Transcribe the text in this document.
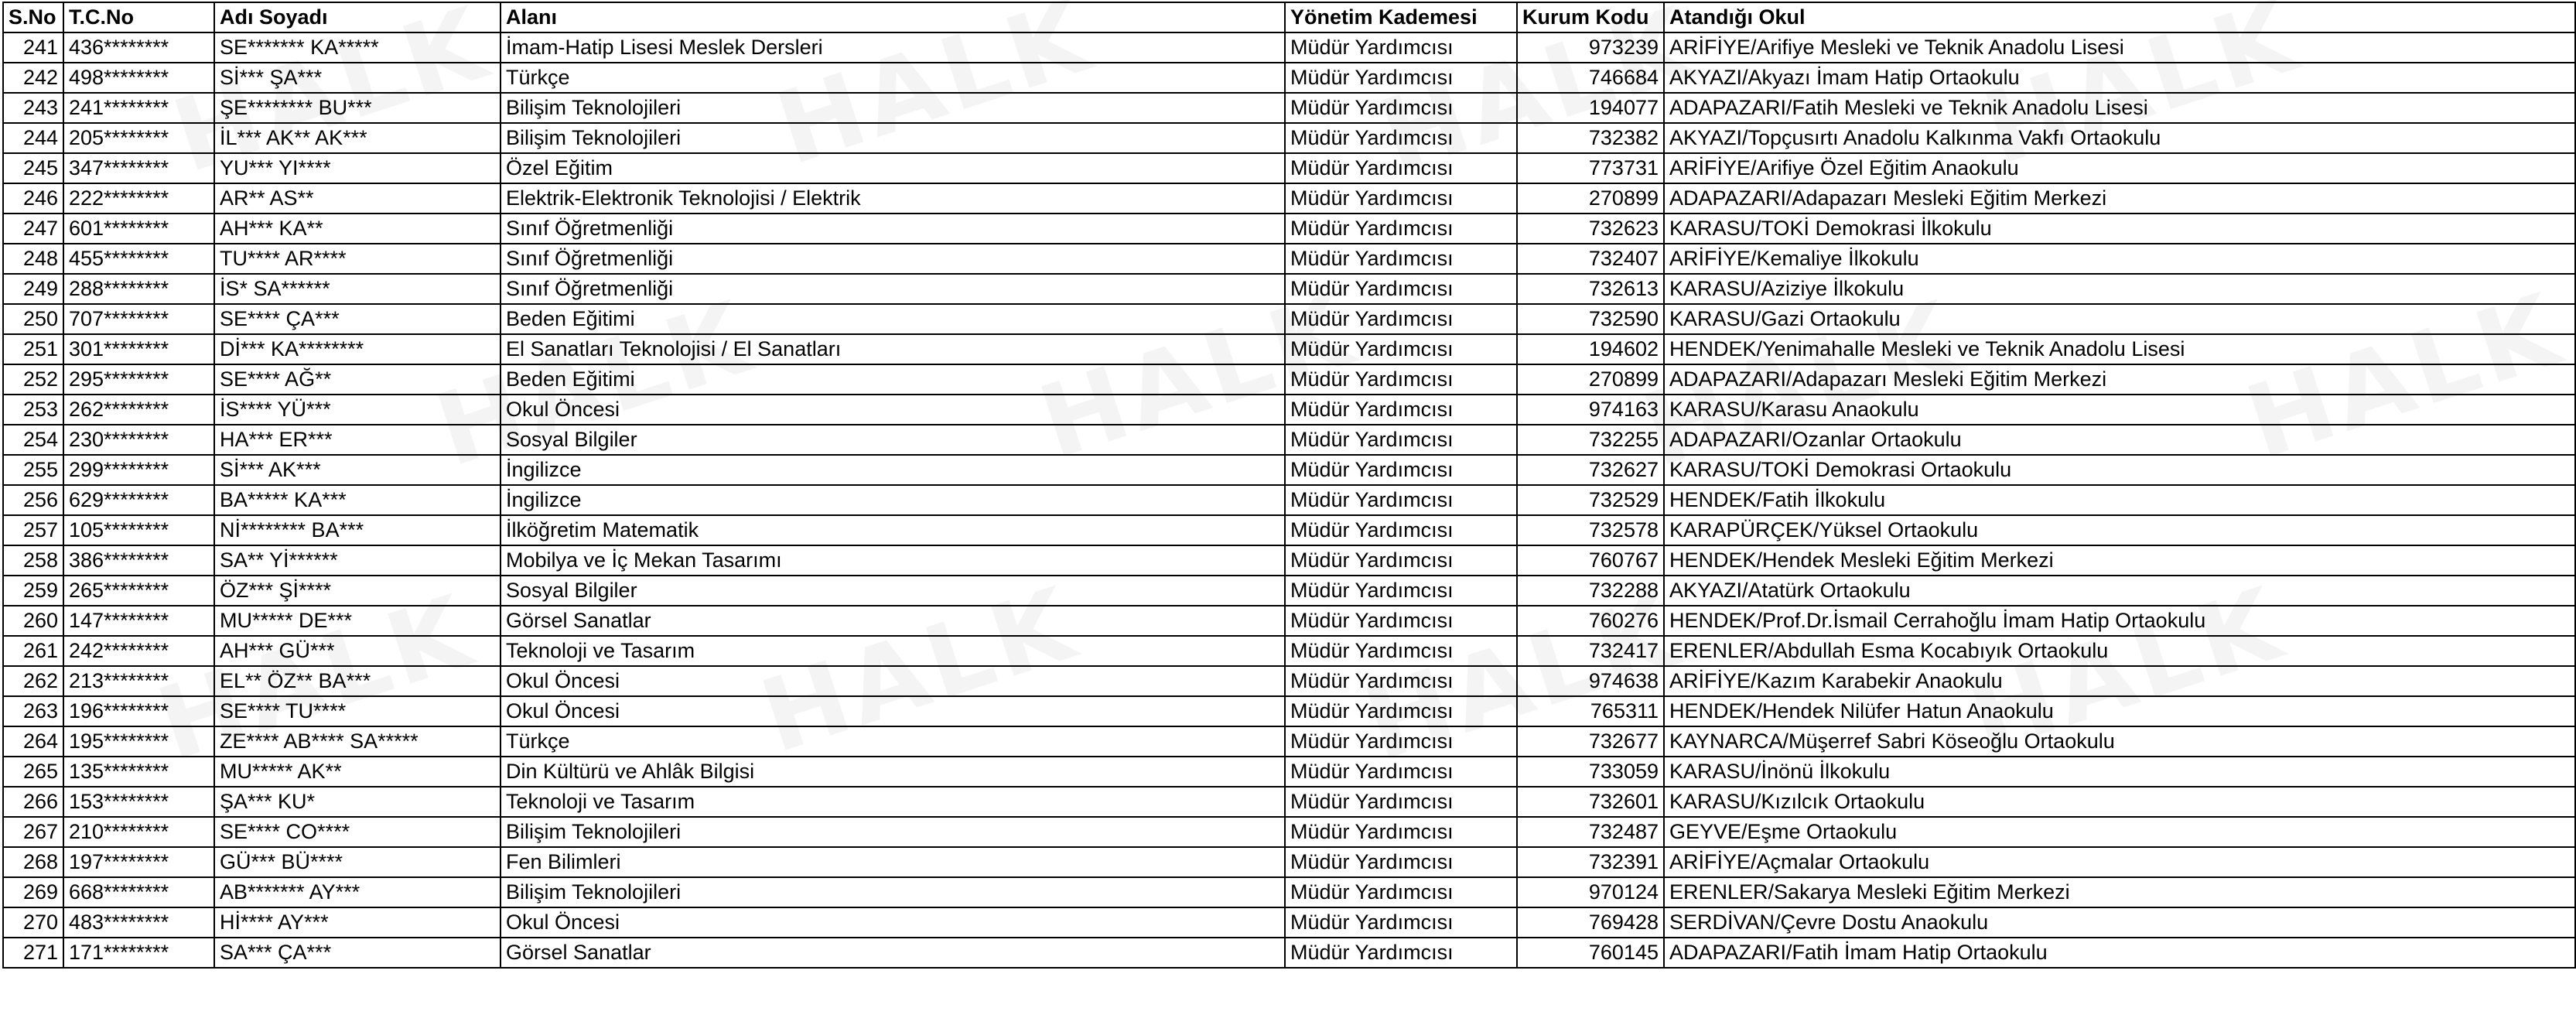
S.No	T.C.No	Adı Soyadı	Alanı	Yönetim Kademesi	Kurum Kodu	Atandığı Okul
241	436********	SE******* KA*****	İmam-Hatip Lisesi Meslek Dersleri	Müdür Yardımcısı	973239	ARİFİYE/Arifiye Mesleki ve Teknik Anadolu Lisesi
242	498********	Sİ*** ŞA***	Türkçe	Müdür Yardımcısı	746684	AKYAZI/Akyazı İmam Hatip Ortaokulu
243	241********	ŞE******** BU***	Bilişim Teknolojileri	Müdür Yardımcısı	194077	ADAPAZARI/Fatih Mesleki ve Teknik Anadolu Lisesi
244	205********	İL*** AK** AK***	Bilişim Teknolojileri	Müdür Yardımcısı	732382	AKYAZI/Topçusırtı Anadolu Kalkınma Vakfı Ortaokulu
245	347********	YU*** YI****	Özel Eğitim	Müdür Yardımcısı	773731	ARİFİYE/Arifiye Özel Eğitim Anaokulu
246	222********	AR** AS**	Elektrik-Elektronik Teknolojisi / Elektrik	Müdür Yardımcısı	270899	ADAPAZARI/Adapazarı Mesleki Eğitim Merkezi
247	601********	AH*** KA**	Sınıf Öğretmenliği	Müdür Yardımcısı	732623	KARASU/TOKİ Demokrasi İlkokulu
248	455********	TU**** AR****	Sınıf Öğretmenliği	Müdür Yardımcısı	732407	ARİFİYE/Kemaliye İlkokulu
249	288********	İS* SA******	Sınıf Öğretmenliği	Müdür Yardımcısı	732613	KARASU/Aziziye İlkokulu
250	707********	SE**** ÇA***	Beden Eğitimi	Müdür Yardımcısı	732590	KARASU/Gazi Ortaokulu
251	301********	Dİ*** KA********	El Sanatları Teknolojisi / El Sanatları	Müdür Yardımcısı	194602	HENDEK/Yenimahalle Mesleki ve Teknik Anadolu Lisesi
252	295********	SE**** AĞ**	Beden Eğitimi	Müdür Yardımcısı	270899	ADAPAZARI/Adapazarı Mesleki Eğitim Merkezi
253	262********	İS**** YÜ***	Okul Öncesi	Müdür Yardımcısı	974163	KARASU/Karasu Anaokulu
254	230********	HA*** ER***	Sosyal Bilgiler	Müdür Yardımcısı	732255	ADAPAZARI/Ozanlar Ortaokulu
255	299********	Sİ*** AK***	İngilizce	Müdür Yardımcısı	732627	KARASU/TOKİ Demokrasi Ortaokulu
256	629********	BA***** KA***	İngilizce	Müdür Yardımcısı	732529	HENDEK/Fatih İlkokulu
257	105********	Nİ******** BA***	İlköğretim Matematik	Müdür Yardımcısı	732578	KARAPÜRÇEK/Yüksel Ortaokulu
258	386********	SA** Yİ******	Mobilya ve İç Mekan Tasarımı	Müdür Yardımcısı	760767	HENDEK/Hendek Mesleki Eğitim Merkezi
259	265********	ÖZ*** Şİ****	Sosyal Bilgiler	Müdür Yardımcısı	732288	AKYAZI/Atatürk Ortaokulu
260	147********	MU***** DE***	Görsel Sanatlar	Müdür Yardımcısı	760276	HENDEK/Prof.Dr.İsmail Cerrahoğlu İmam Hatip Ortaokulu
261	242********	AH*** GÜ***	Teknoloji ve Tasarım	Müdür Yardımcısı	732417	ERENLER/Abdullah Esma Kocabıyık Ortaokulu
262	213********	EL** ÖZ** BA***	Okul Öncesi	Müdür Yardımcısı	974638	ARİFİYE/Kazım Karabekir Anaokulu
263	196********	SE**** TU****	Okul Öncesi	Müdür Yardımcısı	765311	HENDEK/Hendek Nilüfer Hatun Anaokulu
264	195********	ZE**** AB**** SA*****	Türkçe	Müdür Yardımcısı	732677	KAYNARCA/Müşerref Sabri Köseoğlu Ortaokulu
265	135********	MU***** AK**	Din Kültürü ve Ahlâk Bilgisi	Müdür Yardımcısı	733059	KARASU/İnönü İlkokulu
266	153********	ŞA*** KU*	Teknoloji ve Tasarım	Müdür Yardımcısı	732601	KARASU/Kızılcık Ortaokulu
267	210********	SE**** CO****	Bilişim Teknolojileri	Müdür Yardımcısı	732487	GEYVE/Eşme Ortaokulu
268	197********	GÜ*** BÜ****	Fen Bilimleri	Müdür Yardımcısı	732391	ARİFİYE/Açmalar Ortaokulu
269	668********	AB******* AY***	Bilişim Teknolojileri	Müdür Yardımcısı	970124	ERENLER/Sakarya Mesleki Eğitim Merkezi
270	483********	Hİ**** AY***	Okul Öncesi	Müdür Yardımcısı	769428	SERDİVAN/Çevre Dostu Anaokulu
271	171********	SA*** ÇA***	Görsel Sanatlar	Müdür Yardımcısı	760145	ADAPAZARI/Fatih İmam Hatip Ortaokulu
